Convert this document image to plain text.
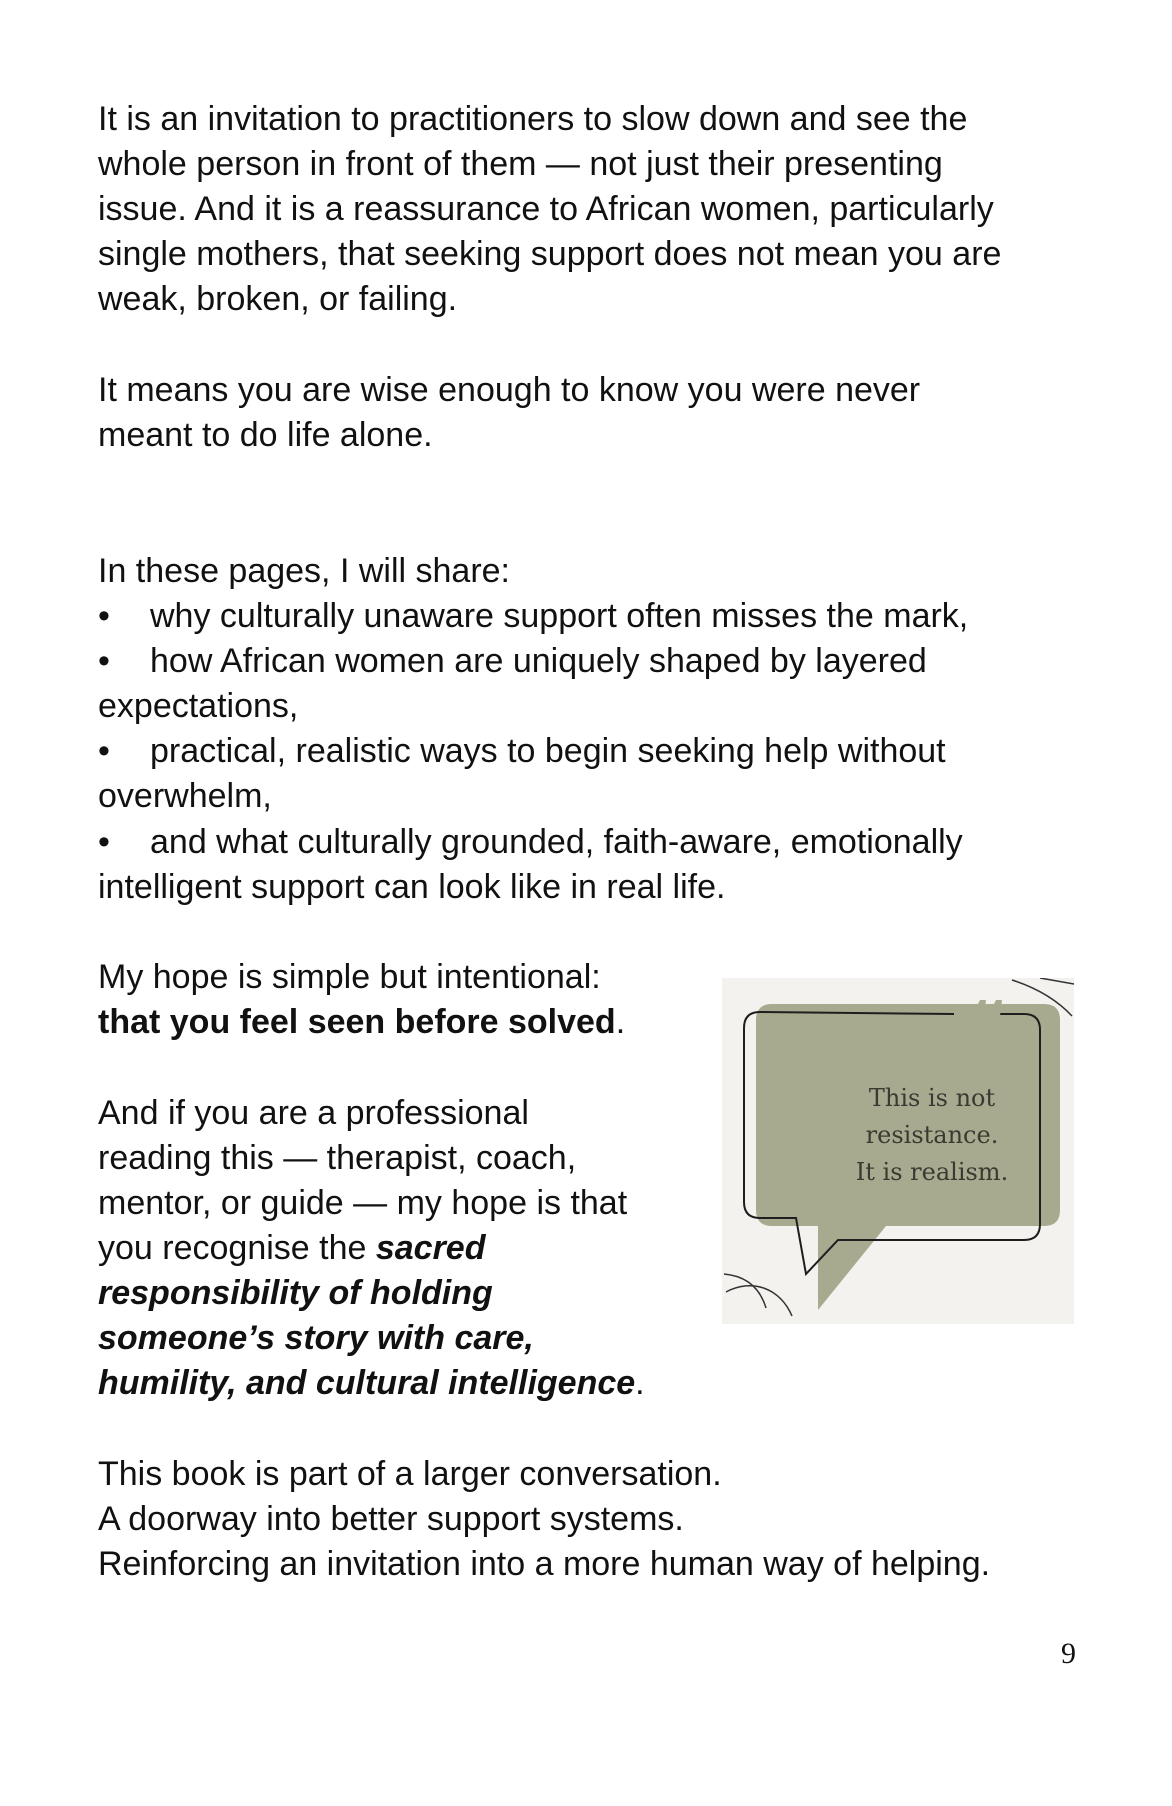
It is an invitation to practitioners to slow down and see the

whole person in front of them — not just their presenting

issue. And it is a reassurance to African women, particularly

single mothers, that seeking support does not mean you are

weak, broken, or failing.

It means you are wise enough to know you were never

meant to do life alone.

In these pages, I will share:

• why culturally unaware support often misses the mark,

• how African women are uniquely shaped by layered

expectations,

• practical, realistic ways to begin seeking help without

overwhelm,

• and what culturally grounded, faith-aware, emotionally

intelligent support can look like in real life.

My hope is simple but intentional:

that you feel seen before solved.

And if you are a professional

reading this — therapist, coach,

mentor, or guide — my hope is that

you recognise the sacred

responsibility of holding

someone’s story with care,

humility, and cultural intelligence.

This book is part of a larger conversation.

A doorway into better support systems.

Reinforcing an invitation into a more human way of helping.

This is not
resistance.
It is realism.
9
